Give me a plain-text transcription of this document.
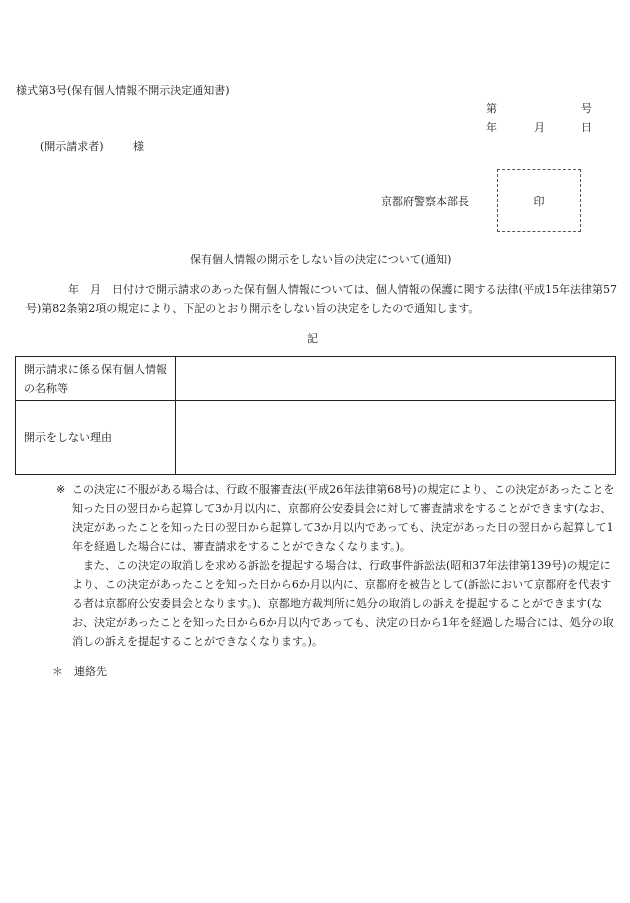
様式第3号(保有個人情報不開示決定通知書)
第	号
年	月	日
(開示請求者)	様
京都府警察本部長	印
保有個人情報の開示をしない旨の決定について(通知)
年　月　日付けで開示請求のあった保有個人情報については、個人情報の保護に関する法律(平成15年法律第57号)第82条第2項の規定により、下記のとおり開示をしない旨の決定をしたので通知します。
記
開示請求に係る保有個人情報の名称等	
開示をしない理由	
※ この決定に不服がある場合は、行政不服審査法(平成26年法律第68号)の規定により、この決定があったことを知った日の翌日から起算して3か月以内に、京都府公安委員会に対して審査請求をすることができます(なお、決定があったことを知った日の翌日から起算して3か月以内であっても、決定があった日の翌日から起算して1年を経過した場合には、審査請求をすることができなくなります。)。
また、この決定の取消しを求める訴訟を提起する場合は、行政事件訴訟法(昭和37年法律第139号)の規定により、この決定があったことを知った日から6か月以内に、京都府を被告として(訴訟において京都府を代表する者は京都府公安委員会となります。)、京都地方裁判所に処分の取消しの訴えを提起することができます(なお、決定があったことを知った日から6か月以内であっても、決定の日から1年を経過した場合には、処分の取消しの訴えを提起することができなくなります。)。
＊ 連絡先
